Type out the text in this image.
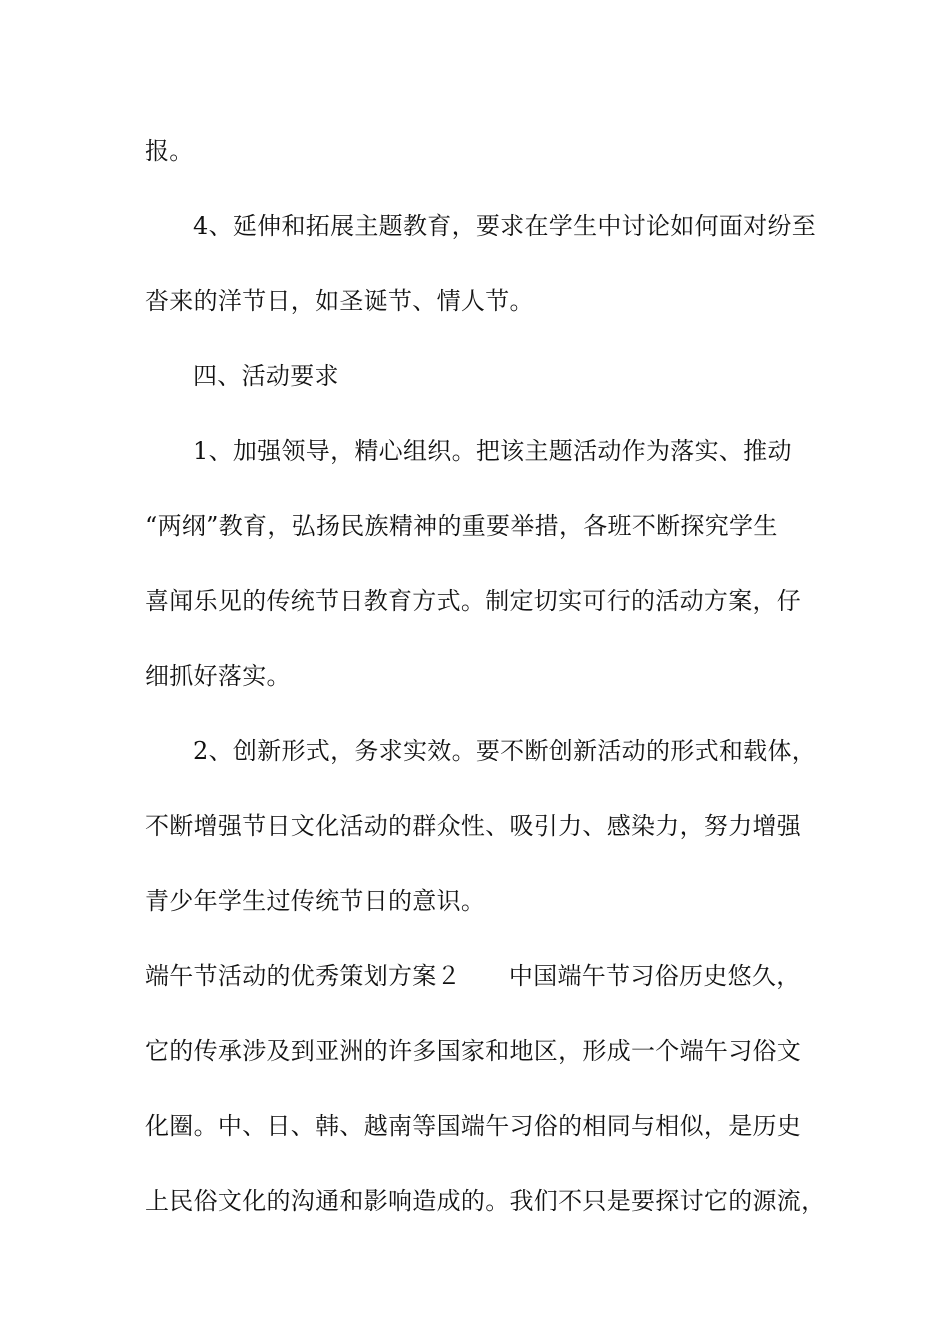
报。
4、延伸和拓展主题教育，要求在学生中讨论如何面对纷至
沓来的洋节日，如圣诞节、情人节。
四、活动要求
1、加强领导，精心组织。把该主题活动作为落实、推动
“两纲”教育，弘扬民族精神的重要举措，各班不断探究学生
喜闻乐见的传统节日教育方式。制定切实可行的活动方案，仔
细抓好落实。
2、创新形式，务求实效。要不断创新活动的形式和载体，
不断增强节日文化活动的群众性、吸引力、感染力，努力增强
青少年学生过传统节日的意识。
端午节活动的优秀策划方案２ 中国端午节习俗历史悠久，
它的传承涉及到亚洲的许多国家和地区，形成一个端午习俗文
化圈。中、日、韩、越南等国端午习俗的相同与相似，是历史
上民俗文化的沟通和影响造成的。我们不只是要探讨它的源流，
